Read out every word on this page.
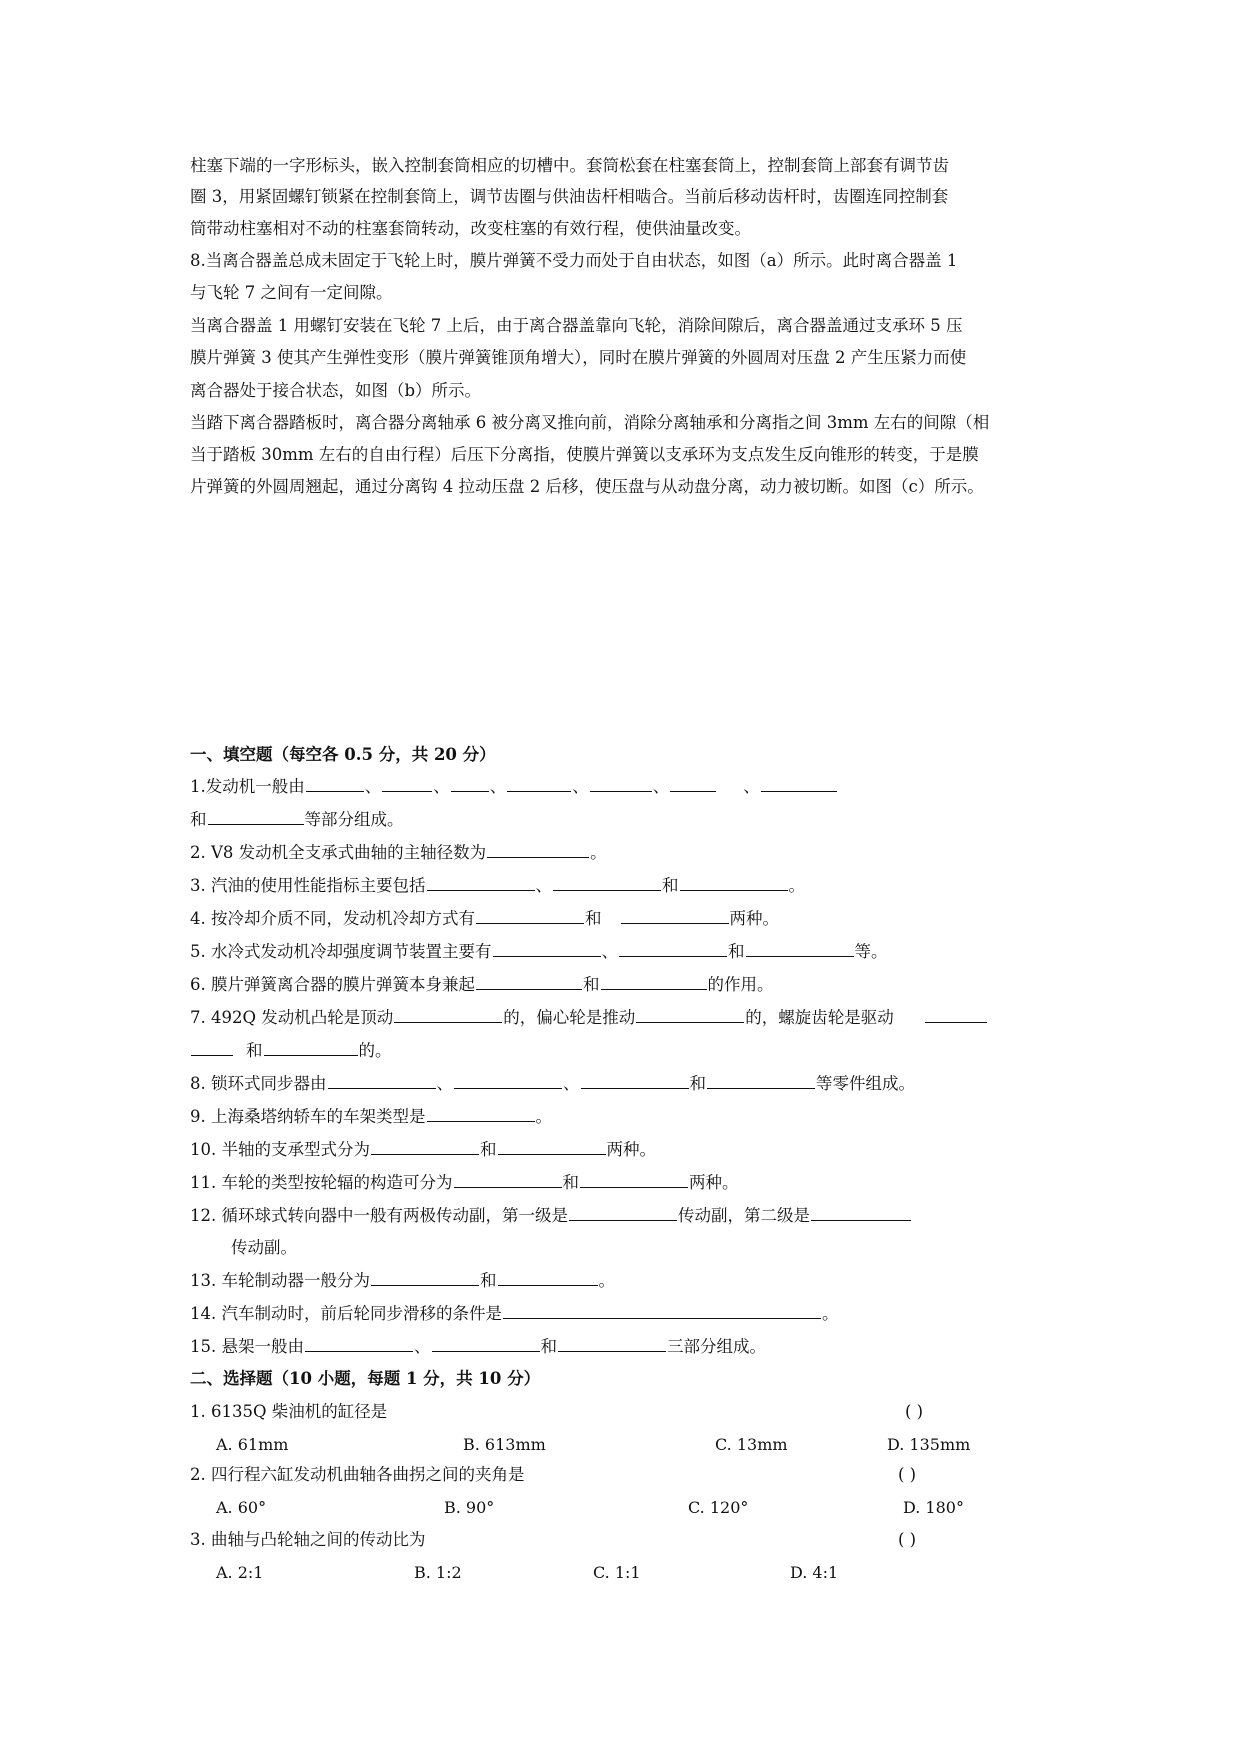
柱塞下端的一字形标头，嵌入控制套筒相应的切槽中。套筒松套在柱塞套筒上，控制套筒上部套有调节齿

圈 3，用紧固螺钉锁紧在控制套筒上，调节齿圈与供油齿杆相啮合。当前后移动齿杆时，齿圈连同控制套

筒带动柱塞相对不动的柱塞套筒转动，改变柱塞的有效行程，使供油量改变。

8.当离合器盖总成未固定于飞轮上时，膜片弹簧不受力而处于自由状态，如图（a）所示。此时离合器盖 1

与飞轮 7 之间有一定间隙。

当离合器盖 1 用螺钉安装在飞轮 7 上后，由于离合器盖靠向飞轮，消除间隙后，离合器盖通过支承环 5 压

膜片弹簧 3 使其产生弹性变形（膜片弹簧锥顶角增大），同时在膜片弹簧的外圆周对压盘 2 产生压紧力而使

离合器处于接合状态，如图（b）所示。

当踏下离合器踏板时，离合器分离轴承 6 被分离叉推向前，消除分离轴承和分离指之间 3mm 左右的间隙（相

当于踏板 30mm 左右的自由行程）后压下分离指，使膜片弹簧以支承环为支点发生反向锥形的转变，于是膜

片弹簧的外圆周翘起，通过分离钩 4 拉动压盘 2 后移，使压盘与从动盘分离，动力被切断。如图（c）所示。

一、填空题（每空各 0.5 分，共 20 分）

1.发动机一般由	、	、 、	、	、	、

和	等部分组成。

2. V8 发动机全支承式曲轴的主轴径数为	。

3. 汽油的使用性能指标主要包括	、	和	。

4. 按冷却介质不同，发动机冷却方式有	和	两种。

5. 水冷式发动机冷却强度调节装置主要有	、	和	等。

6. 膜片弹簧离合器的膜片弹簧本身兼起	和	的作用。

7. 492Q 发动机凸轮是顶动	的，偏心轮是推动	的，螺旋齿轮是驱动

和	的。

8. 锁环式同步器由	、	、	和	等零件组成。

9. 上海桑塔纳轿车的车架类型是	。

10. 半轴的支承型式分为	和	两种。

11. 车轮的类型按轮辐的构造可分为	和	两种。

12. 循环球式转向器中一般有两极传动副，第一级是	传动副，第二级是

传动副。

13. 车轮制动器一般分为	和	。

14. 汽车制动时，前后轮同步滑移的条件是	。

15. 悬架一般由	、	和	三部分组成。

二、选择题（10 小题，每题 1 分，共 10 分）

1. 6135Q 柴油机的缸径是	( )
A. 61mm	B. 613mm	C. 13mm	D. 135mm

2. 四行程六缸发动机曲轴各曲拐之间的夹角是	( )
A. 60°	B. 90°	C. 120°	D. 180°

3. 曲轴与凸轮轴之间的传动比为	( )
A. 2:1	B. 1:2	C. 1:1	D. 4:1
